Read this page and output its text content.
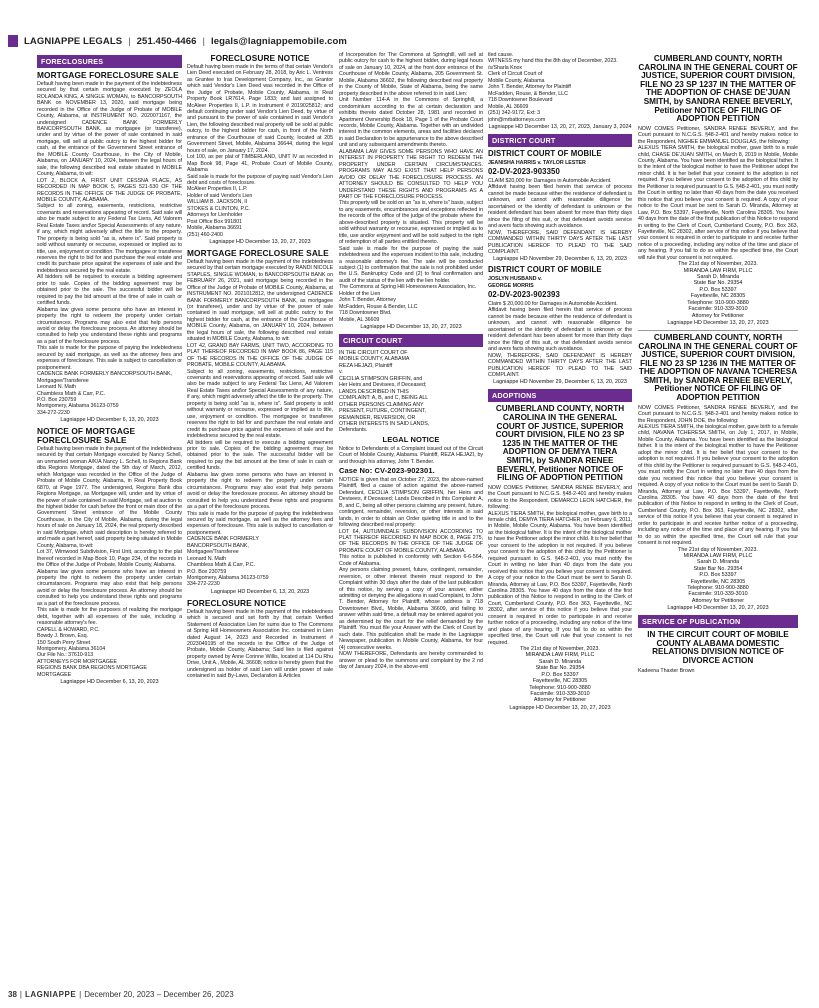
LAGNIAPPE LEGALS | 251.450-4466 | legals@lagniappemobile.com
FORECLOSURES
MORTGAGE FORECLOSURE SALE

Default having been made in the payment of the indebtedness secured by that certain mortgage executed by ZEOLA ROLANDA KING, A SINGLE WOMAN, to BANCORPSOUTH BANK on NOVEMBER 13, 2020, said mortgage being recorded in the Office of the Judge of Probate of MOBILE County, Alabama, at INSTRUMENT NO. 2020071167, the undersigned CADENCE BANK FORMERLY BANCORPSOUTH BANK, as mortgagee (or transferee), under and by virtue of the power of sale contained in said mortgage, will sell at public outcry to the highest bidder for cash, at the entrance of the Government Street entrance of the MOBILE County Courthouse, in the City of Mobile, Alabama, on JANUARY 10, 2024, between the legal hours of sale, the following described real estate situated in MOBILE County, Alabama, to wit:
LOT 2, BLOCK A, FIRST UNIT CESSNA PLACE, AS RECORDED IN MAP BOOK 5, PAGES 521-530 OF THE RECORDS IN THE OFFICE OF THE JUDGE OF PROBATE, MOBILE COUNTY, ALABAMA.
Subject to all zoning, easements, restrictions, restrictive covenants and reservations appearing of record. Said sale will also be made subject to any Federal Tax Liens, Ad Valorem Real Estate Taxes and\or Special Assessments of any nature, if any, which might adversely affect the title to the property. The property is being sold "as is, where is". Said property is sold without warranty or recourse, expressed or implied as to title, use, enjoyment or condition. The mortgagee or transferee reserves the right to bid for and purchase the real estate and credit its purchase price against the expenses of sale and the indebtedness secured by the real estate.
All bidders will be required to execute a bidding agreement prior to sale. Copies of the bidding agreement may be obtained prior to the sale. The successful bidder will be required to pay the bid amount at the time of sale in cash or certified funds.
Alabama law gives some persons who have an interest in property the right to redeem the property under certain circumstances. Programs may also exist that help persons avoid or delay the foreclosure process. An attorney should be consulted to help you understand these rights and programs as a part of the foreclosure process.
This sale is made for the purpose of paying the indebtedness secured by said mortgage, as well as the attorney fees and expenses of foreclosure. This sale is subject to cancellation or postponement.
CADENCE BANK FORMERLY BANCORPSOUTH BANK,
Mortgagee/Transferee
Leonard N. Math
Chambless Math & Carr, P.C.
P.O. Box 230759
Montgomery, Alabama 36123-0759
334-272-2230

Lagniappe HD December 6, 13, 20, 2023
NOTICE OF MORTGAGE FORECLOSURE SALE

Default having been made in the payment of the indebtedness secured by that certain Mortgage executed by Nancy Schell, an unmarried woman A/K/A Nancy L. Schell, to Regions Bank dba Regions Mortgage, dated the 5th day of March, 2012, which Mortgage was recorded in the Office of the Judge of Probate of Mobile County, Alabama, in Real Property Book 6870, at Page 1977. The undersigned, Regions Bank dba Regions Mortgage, as Mortgagee will, under and by virtue of the power of sale contained in said Mortgage, sell at auction to the highest bidder for cash before the front or main door of the Government Street entrance of the Mobile County Courthouse, in the City of Mobile, Alabama, during the legal hours of sale on January 18, 2024, the real property described in said Mortgage, which said description is hereby referred to and made a part hereof, said property being situated in Mobile County, Alabama, to-wit:
Lot 37, Wimwood Subdivision, First Unit, according to the plat thereof recorded in Map Book 10, Page 234, of the records in the Office of the Judge of Probate, Mobile County, Alabama.
Alabama law gives some persons who have an interest in property the right to redeem the property under certain circumstances. Programs may also exist that help persons avoid or delay the foreclosure process. An attorney should be consulted to help you understand these rights and programs as a part of the foreclosure process.
This sale is made for the purposes of realizing the mortgage debt, together with all expenses of the sale, including a reasonable attorney's fee.
CAPELL & HOWARD, P.C.
Bowdy J. Brown, Esq.
150 South Perry Street
Montgomery, Alabama 36104
Our File No.: 37610-913
ATTORNEYS FOR MORTGAGEE
REGIONS BANK DBA REGIONS MORTGAGE
MORTGAGEE

Lagniappe HD December 6, 13, 20, 2023
FORECLOSURE NOTICE

Default having been made in the terms of that certain Vendor's Lien Deed executed on February 28, 2018, by Aric L. Ventress as Grantee to Iras Development Company, Inc., as Grantor which said Vendor's Lien Deed was recorded in the Office of the Judge of Probate, Mobile County, Alabama, in Real Property Book LR7614, Page 1833; and last assigned to McAleer Properties II, L.P. in Instrument # 2019025812; and default continuing under said Vendor's Lien Deed, by virtue of and pursuant to the power of sale contained in said Vendor's Lien, the following described real property will be sold at public outcry, to the highest bidder for cash, in front of the North entrance of the Courthouse of said County, located at 205 Government Street, Mobile, Alabama 36644, during the legal hours of sale, on January 17, 2024.
Lot 100, as per plat of TIMBERLAND, UNIT IV as recorded in Map Book 98, Page 41, Probate Court of Mobile County, Alabama
Said sale is made for the purpose of paying said Vendor's Lien debt and costs of foreclosure.
McAleer Properties II, L.P.
Holder of said Vendor's Lien
WILLIAM B. JACKSON, II
STOKES & CLINTON, P.C.
Attorneys for Lienholder
Post Office Box 991801
Mobile, Alabama 36691
(251) 460-2400

Lagniappe HD December 13, 20, 27, 2023
MORTGAGE FORECLOSURE SALE

Default having been made in the payment of the indebtedness secured by that certain mortgage executed by RANDI NICOLE STAPLES, SINGLE WOMAN, to BANCORPSOUTH BANK on FEBRUARY 26, 2021, said mortgage being recorded in the Office of the Judge of Probate of MOBILE County, Alabama, at INSTRUMENT NO. 2021012812, the undersigned CADENCE BANK FORMERLY BANCORPSOUTH BANK, as mortgagee (or transferee), under and by virtue of the power of sale contained in said mortgage, will sell at public outcry to the highest bidder for cash, at the entrance of the Courthouse of MOBILE County, Alabama, on JANUARY 10, 2024, between the legal hours of sale, the following described real estate situated in MOBILE County, Alabama, to wit:
LOT 42, GRAND BAY FARMS, UNIT TWO, ACCORDING TO PLAT THEREOF RECORDED IN MAP BOOK 86, PAGE 115 OF THE RECORDS IN THE OFFICE OF THE JUDGE OF PROBATE, MOBILE COUNTY, ALABAMA.
Subject to all zoning, easements, restrictions, restrictive covenants and reservations appearing of record. Said sale will also be made subject to any Federal Tax Liens, Ad Valorem Real Estate Taxes and\or Special Assessments of any nature, if any, which might adversely affect the title to the property. The property is being sold "as is, where is". Said property is sold without warranty or recourse, expressed or implied as to title, use, enjoyment or condition. The mortgagee or transferee reserves the right to bid for and purchase the real estate and credit its purchase price against the expenses of sale and the indebtedness secured by the real estate.
All bidders will be required to execute a bidding agreement prior to sale. Copies of the bidding agreement may be obtained prior to the sale. The successful bidder will be required to pay the bid amount at the time of sale in cash or certified funds.
Alabama law gives some persons who have an interest in property the right to redeem the property under certain circumstances. Programs may also exist that help persons avoid or delay the foreclosure process. An attorney should be consulted to help you understand these rights and programs as a part of the foreclosure process.
This sale is made for the purpose of paying the indebtedness secured by said mortgage, as well as the attorney fees and expenses of foreclosure. This sale is subject to cancellation or postponement.
CADENCE BANK FORMERLY
BANCORPSOUTH BANK,
Mortgagee/Transferee
Leonard N. Math
Chambless Math & Carr, P.C.
P.O. Box 230759
Montgomery, Alabama 36123-0759
334-272-2230

Lagniappe HD December 6, 13, 20, 2023
FORECLOSURE NOTICE

Default having been made in the payment of the indebtedness which is secured and set forth by that certain Verified Statement of Association Lien for sums due to The Commons at Spring Hill Homeowners Association Inc. contained in Lien dated August 14, 2023 and Recorded in Instrument # 2023049195 of the records in the Office of the Judge of Probate, Mobile County, Alabama; Said lien is filed against property owned by Anne Corinne Willis, located at 114 Du Rhu Drive, Unit A., Mobile, AL 36608; notice is hereby given that the undersigned as holder of said Lien will under power of sale contained in said By-Laws, Declaration & Articles

of Incorporation for The Commons at Springhill, will sell at public outcry for cash to the highest bidder, during legal hours of sale on January 10, 2024, at the front door entrance of the Courthouse of Mobile County, Alabama, 205 Government St. Mobile, Alabama 36602, the following described real property in the County of Mobile, State of Alabama, being the same property described in the above referred to in said Lien:
Unit Number 114-A in the Commons of Springhill, a condominium according to the at certain declaration and exhibits thereto dated October 28, 1981 and recorded in Apartment Ownership Book 18, Page 1 of the Probate Court records, Mobile County, Alabama. Together with an undivided interest in the common elements, areas and facilities declared in said Declaration to be appurtenance to the above described unit and any subsequent amendments thereto.
ALABAMA LAW GIVES SOME PERSONS WHO HAVE AN INTEREST IN PROPERTY THE RIGHT TO REDEEM THE PROPERTY UNDER CERTAIN CIRCUMSTANCES. PROGRAMS MAY ALSO EXIST THAT HELP PERSONS AVOID OR DELAY THE FORECLOSURE PROCESS. AN ATTORNEY SHOULD BE CONSULTED TO HELP YOU UNDERSTAND THESE RIGHTS AND PROGRAMS AS A PART OF THE FORECLOSURE PROCESS.
This property will be sold on an "as is, where is" basis, subject to any easements, encumbrances and exceptions reflected in the records of the office of the judge of the probate where the above-described property is situated. This property will be sold without warranty or recourse, expressed or implied as to title, use and/or enjoyment and will be sold subject to the right of redemption of all parties entitled thereto.
Said sale is made for the purpose of paying the said indebtedness and the expenses incident to this sale, including a reasonable attorney's fee. The sale will be conducted subject (1) to confirmation that the sale is not prohibited under the U.S. Bankruptcy Code and (2) to final confirmation and audit of the status of the lien with the lien holder.
The Commons at Spring Hill Homeowners Association, Inc.
Holder of the Lien
John T. Bender, Attorney
McFadden, Rouse & Bender, LLC
718 Downtowner Blvd.
Mobile, AL 36609

Lagniappe HD December 13, 20, 27, 2023
CIRCUIT COURT

IN THE CIRCUIT COURT OF
MOBILE COUNTY, ALABAMA
REZA HEJAZI, Plaintiff
v.
CECILIA STIMPSON GRIFFIN, and
Her Heirs and Devisees, if Deceased;
LANDS DESCRIBED IN THIS
COMPLAINT: A, B, and C, BEING ALL
OTHER PERSONS CLAIMING ANY
PRESENT, FUTURE, CONTINGENT,
REMAINDER, REVERSION, OR
OTHER INTERESTS IN SAID LANDS,
Defendants.

LEGAL NOTICE

Notice to Defendants of a Complaint issued out of the Circuit Court of Mobile County, Alabama. Plaintiff, REZA HEJAZI, by and through his attorney, John T. Bender.

Case No: CV-2023-902301.

NOTICE is given that on October 27, 2023, the above-named Plaintiff, filed a cause of action against the above-named Defendant, CECILIA STIMPSON GRIFFIN, her Heirs and Devisees, if Deceased; Lands Described in this Complaint: A, B, and C, being all other persons claiming any present, future, contingent, remainder, reversion, or other interests in said lands, in order to obtain an Order quieting title in and to the following described real property:
LOT 64, AUTUMNDALE SUBDIVISION ACCORDING TO PLAT THEREOF RECORDED IN MAP BOOK 8, PAGE 275, OF THE RECORDS IN THE OFFICE OF THE JUDGE OF PROBATE COURT OF MOBILE COUNTY, ALABAMA.
This notice is published in conformity with Section 6-6-564, Code of Alabama.
Any persons claiming present, future, contingent, remainder, reversion, or other interest therein must respond to the Complaint within 30 days after the date of the last publication of this notice, by serving a copy of your answer, either admitting or denying the allegations in said Complaint, to John T. Bender, Attorney for Plaintiff, whose address is 718 Downtowner Blvd., Mobile, Alabama 36609, and failing to answer within said time, a default may be entered against you as determined by the court for the relief demanded by the Plaintiff. You must file your Answer with the Clerk of Court by such date. This publication shall be made in the Lagniappe Newspaper, publication in Mobile County, Alabama, for four (4) consecutive weeks.
NOW THEREFORE, Defendants are hereby commanded to answer or plead to the summons and complaint by the 2 nd day of January 2024, in the above-enti

tled cause.
WITNESS my hand this the 8th day of December, 2023.
/s/Sharla Knox
Clerk of Circuit Court of
Mobile County, Alabama
John T. Bender, Attorney for Plaintiff
McFadden, Rouse, & Bender, LLC
718 Downtowner Boulevard
Mobile, AL 36609
(251) 342-9172, Ext: 3
john@mrbattorneys.com

Lagniappe HD December 13, 20, 27, 2023, January 3, 2024
DISTRICT COURT
DISTRICT COURT OF MOBILE

JEANISHA HARRIS v. TAYLOR LESTER

02-DV-2023-903350

CLAIM $20,000 for Damages in Automobile Accident.
Affidavit having been filed herein that service of process cannot be made because either the residence of defendant is unknown, and cannot with reasonable diligence be ascertained or the identity of defendant is unknown or the resident defendant has been absent for more than thirty days since the filing of this suit, or that defendant avoids service and avers facts showing such avoidance.
NOW, THEREFORE, SAID DEFENDANT IS HEREBY COMMANDED WITHIN THIRTY DAYS AFTER THE LAST PUBLICATION HEREOF TO PLEAD TO THE SAID COMPLAINT.

Lagniappe HD November 29, December 6, 13, 20, 2023
DISTRICT COURT OF MOBILE

JOSLYN HUSBAND v.
GEORGE MORRIS

02-DV-2023-902393

Claim $ 20,000.00 for Damages in Automobile Accident.
Affidavit having been filed herein that service of process cannot be made because either the residence of defendant is unknown, and cannot with reasonable diligence be ascertained or the identity of defendant is unknown or the resident defendant has been absent for more than thirty days since the filing of this suit, or that defendant avoids service and avers facts showing such avoidance.
NOW, THEREFORE, SAID DEFENDANT IS HEREBY COMMANDED WITHIN THIRTY DAYS AFTER THE LAST PUBLICATION HEREOF TO PLEAD TO THE SAID COMPLAINT.

Lagniappe HD November 29, December 6, 13, 20, 2023
ADOPTIONS
CUMBERLAND COUNTY, NORTH CAROLINA IN THE GENERAL COURT OF JUSTICE, SUPERIOR COURT DIVISION, FILE NO 23 SP 1235 IN THE MATTER OF THE ADOPTION OF DEMYA TIERA SMITH, by SANDRA RENEE BEVERLY, Petitioner NOTICE OF FILING OF ADOPTION PETITION

NOW COMES Petitioner, SANDRA RENEE BEVERLY, and the Court pursuant to N.C.G.S. §48-2-401 and hereby makes notice to the Respondent, DEMARCO LEON HATCHER, the following:
ALEXUS TIERA SMITH, the biological mother, gave birth to a female child, DEMYA TIERA HATCHER, on February 6, 2011, in Mobile, Mobile County, Alabama. You have been identified as the biological father. It is the intent of the biological mother to have the Petitioner adopt the minor child. It is her belief that your consent to the adoption is not required. If you believe your consent to the adoption of this child by the Petitioner is required pursuant to G.S. §48-2-401, you must notify the Court in writing no later than 40 days from the date you received this notice that you believe your consent is required. A copy of your notice to the Court must be sent to Sarah D. Miranda, Attorney at Law, P.O. Box 53397, Fayetteville, North Carolina 28305. You have 40 days from the date of the first publication of this Notice to respond in writing to the Clerk of Court, Cumberland County, P.O. Box 363, Fayetteville, NC 28302, after service of this notice if you believe that your consent is required in order to participate in and receive further notice of a proceeding, including any notice of the time and place of any hearing. If you fail to do so within the specified time, the Court will rule that your consent is not required.

The 21st day of November, 2023.
MIRANDA LAW FIRM, PLLC
Sarah D. Miranda
State Bar No. 29354
P.O. Box 53397
Fayetteville, NC 28305
Telephone: 910-900-3880
Facsimile: 910-339-3010
Attorney for Petitioner
Lagniappe HD December 13, 20, 27, 2023
CUMBERLAND COUNTY, NORTH CAROLINA IN THE GENERAL COURT OF JUSTICE, SUPERIOR COURT DIVISION, FILE NO 23 SP 1237 IN THE MATTER OF THE ADOPTION OF CHASE DE'JUAN SMITH, by SANDRA RENEE BEVERLY, Petitioner NOTICE OF FILING OF ADOPTION PETITION

NOW COMES Petitioner, SANDRA RENEE BEVERLY, and the Court pursuant to N.C.G.S. §48-2-401 and hereby makes notice to the Respondent, NIGHEE EMMANUEL DOUGLAS, the following:
ALEXUS TIERA SMITH, the biological mother, gave birth to a male child, CHASE DE'JUAN SMITH, on March 8, 2019 in Mobile, Mobile County, Alabama. You have been identified as the biological father. It is the intent of the biological mother to have the Petitioner adopt the minor child. It is her belief that your consent to the adoption is not required. If you believe your consent to the adoption of this child by the Petitioner is required pursuant to G.S. §48-2-401, you must notify the Court in writing no later than 40 days from the date you received this notice that you believe your consent is required. A copy of your notice to the Court must be sent to Sarah D. Miranda, Attorney at Law, P.O. Box 53397, Fayetteville, North Carolina 28305. You have 40 days from the date of the first publication of this Notice to respond in writing to the Clerk of Court, Cumberland County, P.O. Box 363, Fayetteville, NC 28302, after service of this notice if you believe that your consent is required in order to participate in and receive further notice of a proceeding, including any notice of the time and place of any hearing. If you fail to do so within the specified time, the Court will rule that your consent is not required.

The 21st day of November, 2023.
MIRANDA LAW FIRM, PLLC
Sarah D. Miranda
State Bar No. 29354
P.O. Box 53397
Fayetteville, NC 28305
Telephone: 910-900-3880
Facsimile: 910-339-3010
Attorney for Petitioner
Lagniappe HD December 13, 20, 27, 2023
CUMBERLAND COUNTY, NORTH CAROLINA IN THE GENERAL COURT OF JUSTICE, SUPERIOR COURT DIVISION, FILE NO 23 SP 1236 IN THE MATTER OF THE ADOPTION OF NAVANA TCHERESA SMITH, by SANDRA RENEE BEVERLY, Petitioner NOTICE OF FILING OF ADOPTION PETITION

NOW COMES Petitioner, SANDRA RENEE BEVERLY, and the Court pursuant to N.C.G.S. §48-2-401 and hereby makes notice to the Respondent, JOHN DOE, the following:
ALEXUS TIERA SMITH, the biological mother, gave birth to a female child, NAVANA TCHERESA SMITH, on July 1, 2017, in Mobile, Mobile County, Alabama. You have been identified as the biological father. It is the intent of the biological mother to have the Petitioner adopt the minor child. It is her belief that your consent to the adoption is not required. If you believe your consent to the adoption of this child by the Petitioner is required pursuant to G.S. §48-2-401, you must notify the Court in writing no later than 40 days from the date you received this notice that you believe your consent is required. A copy of your notice to the Court must be sent to Sarah D. Miranda, Attorney at Law, P.O. Box 53397, Fayetteville, North Carolina 28305. You have 40 days from the date of the first publication of this Notice to respond in writing to the Clerk of Court, Cumberland County, P.O. Box 363, Fayetteville, NC 28302, after service of this notice if you believe that your consent is required in order to participate in and receive further notice of a proceeding, including any notice of the time and place of any hearing. If you fail to do so within the specified time, the Court will rule that your consent is not required.

The 21st day of November, 2023.
MIRANDA LAW FIRM, PLLC
Sarah D. Miranda
State Bar No. 29354
P.O. Box 53397
Fayetteville, NC 28305
Telephone: 910-900-3880
Facsimile: 910-339-3010
Attorney for Petitioner
Lagniappe HD December 13, 20, 27, 2023
SERVICE OF PUBLICATION
IN THE CIRCUIT COURT OF MOBILE COUNTY ALABAMA DOMESTIC RELATIONS DIVISION NOTICE OF DIVORCE ACTION

Kadeena Thaxter Brown

38 | LAGNIAPPE | December 20, 2023 – December 26, 2023
